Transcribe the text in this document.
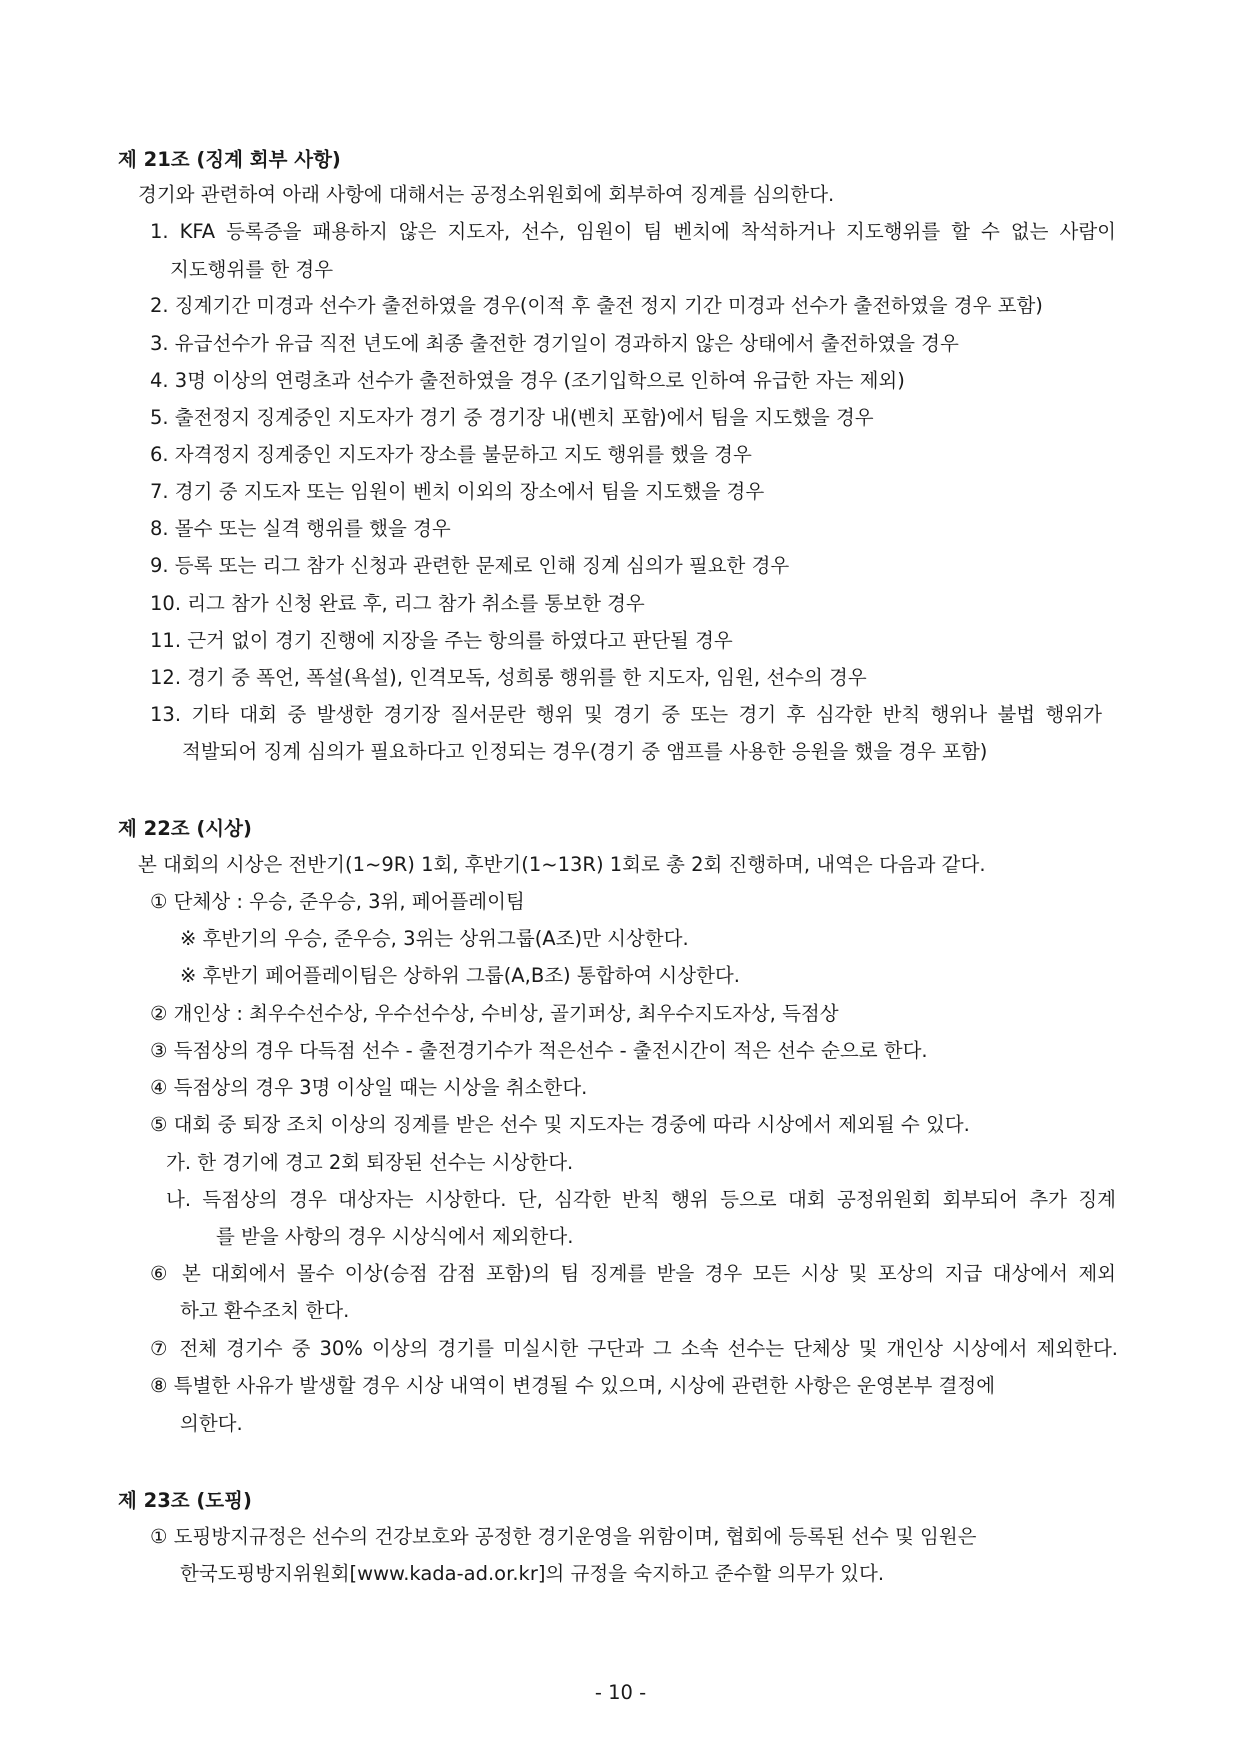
제 21조 (징계 회부 사항)
경기와 관련하여 아래 사항에 대해서는 공정소위원회에 회부하여 징계를 심의한다.
1. KFA 등록증을 패용하지 않은 지도자, 선수, 임원이 팀 벤치에 착석하거나 지도행위를 할 수 없는 사람이
지도행위를 한 경우
2. 징계기간 미경과 선수가 출전하였을 경우(이적 후 출전 정지 기간 미경과 선수가 출전하였을 경우 포함)
3. 유급선수가 유급 직전 년도에 최종 출전한 경기일이 경과하지 않은 상태에서 출전하였을 경우
4. 3명 이상의 연령초과 선수가 출전하였을 경우 (조기입학으로 인하여 유급한 자는 제외)
5. 출전정지 징계중인 지도자가 경기 중 경기장 내(벤치 포함)에서 팀을 지도했을 경우
6. 자격정지 징계중인 지도자가 장소를 불문하고 지도 행위를 했을 경우
7. 경기 중 지도자 또는 임원이 벤치 이외의 장소에서 팀을 지도했을 경우
8. 몰수 또는 실격 행위를 했을 경우
9. 등록 또는 리그 참가 신청과 관련한 문제로 인해 징계 심의가 필요한 경우
10. 리그 참가 신청 완료 후, 리그 참가 취소를 통보한 경우
11. 근거 없이 경기 진행에 지장을 주는 항의를 하였다고 판단될 경우
12. 경기 중 폭언, 폭설(욕설), 인격모독, 성희롱 행위를 한 지도자, 임원, 선수의 경우
13. 기타 대회 중 발생한 경기장 질서문란 행위 및 경기 중 또는 경기 후 심각한 반칙 행위나 불법 행위가
적발되어 징계 심의가 필요하다고 인정되는 경우(경기 중 앰프를 사용한 응원을 했을 경우 포함)
제 22조 (시상)
본 대회의 시상은 전반기(1~9R) 1회, 후반기(1~13R) 1회로 총 2회 진행하며, 내역은 다음과 같다.
① 단체상 : 우승, 준우승, 3위, 페어플레이팀
※ 후반기의 우승, 준우승, 3위는 상위그룹(A조)만 시상한다.
※ 후반기 페어플레이팀은 상하위 그룹(A,B조) 통합하여 시상한다.
② 개인상 : 최우수선수상, 우수선수상, 수비상, 골기퍼상, 최우수지도자상, 득점상
③ 득점상의 경우 다득점 선수 - 출전경기수가 적은선수 - 출전시간이 적은 선수 순으로 한다.
④ 득점상의 경우 3명 이상일 때는 시상을 취소한다.
⑤ 대회 중 퇴장 조치 이상의 징계를 받은 선수 및 지도자는 경중에 따라 시상에서 제외될 수 있다.
가. 한 경기에 경고 2회 퇴장된 선수는 시상한다.
나. 득점상의 경우 대상자는 시상한다. 단, 심각한 반칙 행위 등으로 대회 공정위원회 회부되어 추가 징계
를 받을 사항의 경우 시상식에서 제외한다.
⑥ 본 대회에서 몰수 이상(승점 감점 포함)의 팀 징계를 받을 경우 모든 시상 및 포상의 지급 대상에서 제외
하고 환수조치 한다.
⑦ 전체 경기수 중 30% 이상의 경기를 미실시한 구단과 그 소속 선수는 단체상 및 개인상 시상에서 제외한다.
⑧ 특별한 사유가 발생할 경우 시상 내역이 변경될 수 있으며, 시상에 관련한 사항은 운영본부 결정에
의한다.
제 23조 (도핑)
① 도핑방지규정은 선수의 건강보호와 공정한 경기운영을 위함이며, 협회에 등록된 선수 및 임원은
한국도핑방지위원회[www.kada-ad.or.kr]의 규정을 숙지하고 준수할 의무가 있다.
- 10 -
